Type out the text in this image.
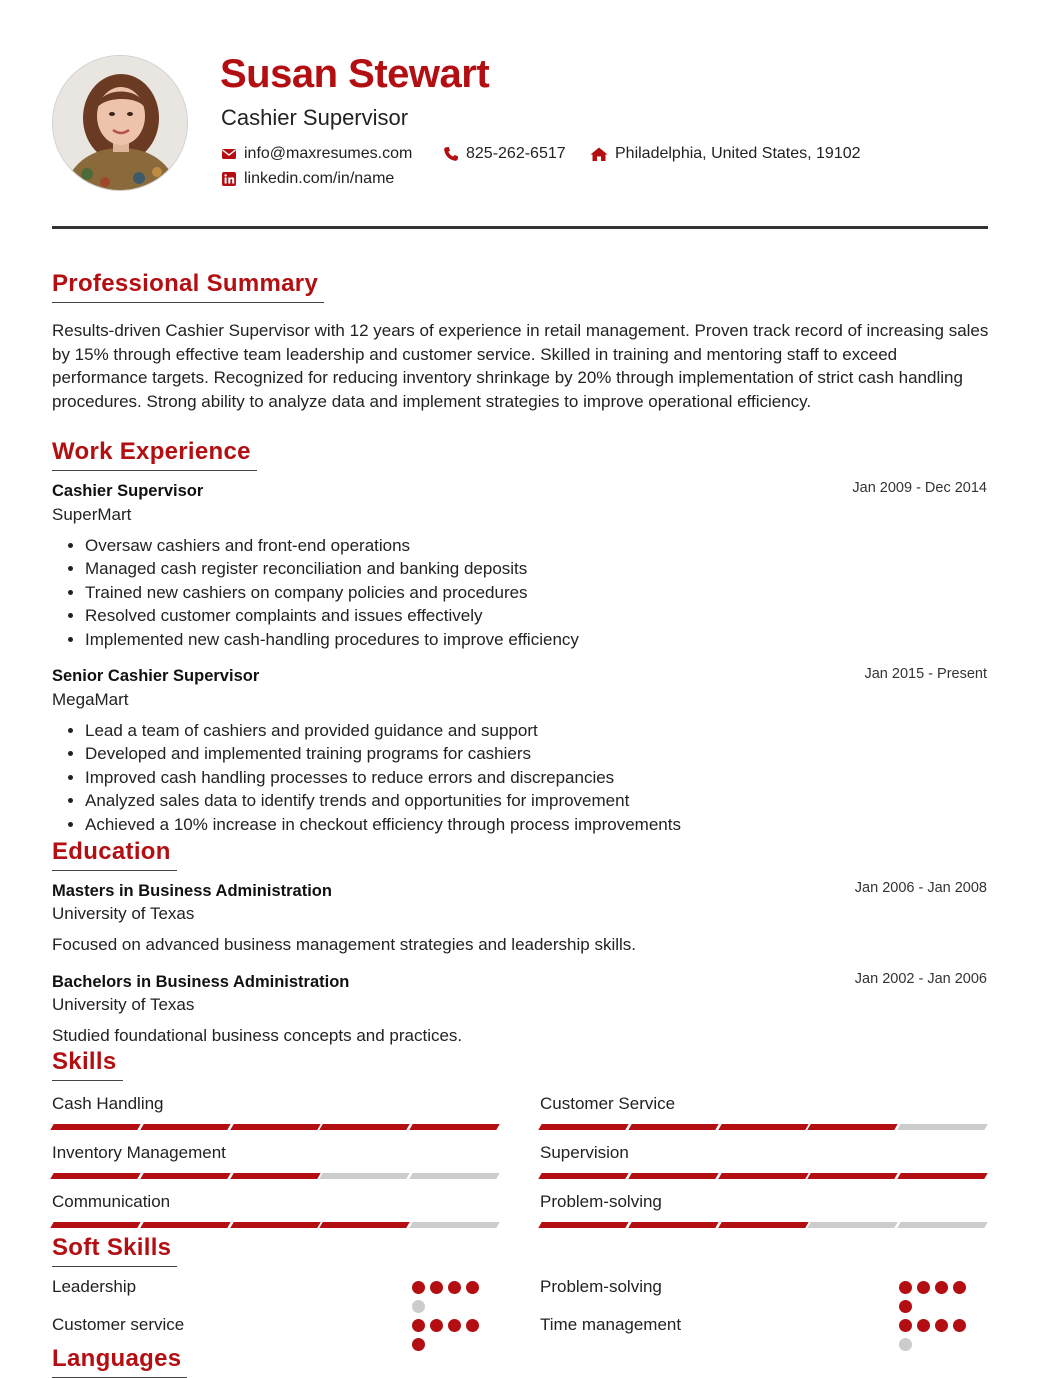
Susan Stewart
Cashier Supervisor
info@maxresumes.com	825-262-6517	Philadelphia, United States, 19102
linkedin.com/in/name
Professional Summary
Results-driven Cashier Supervisor with 12 years of experience in retail management. Proven track record of increasing sales by 15% through effective team leadership and customer service. Skilled in training and mentoring staff to exceed performance targets. Recognized for reducing inventory shrinkage by 20% through implementation of strict cash handling procedures. Strong ability to analyze data and implement strategies to improve operational efficiency.
Work Experience
Cashier Supervisor	Jan 2009 - Dec 2014
SuperMart
• Oversaw cashiers and front-end operations
• Managed cash register reconciliation and banking deposits
• Trained new cashiers on company policies and procedures
• Resolved customer complaints and issues effectively
• Implemented new cash-handling procedures to improve efficiency
Senior Cashier Supervisor	Jan 2015 - Present
MegaMart
• Lead a team of cashiers and provided guidance and support
• Developed and implemented training programs for cashiers
• Improved cash handling processes to reduce errors and discrepancies
• Analyzed sales data to identify trends and opportunities for improvement
• Achieved a 10% increase in checkout efficiency through process improvements
Education
Masters in Business Administration	Jan 2006 - Jan 2008
University of Texas
Focused on advanced business management strategies and leadership skills.
Bachelors in Business Administration	Jan 2002 - Jan 2006
University of Texas
Studied foundational business concepts and practices.
Skills
Cash Handling	Customer Service
Inventory Management	Supervision
Communication	Problem-solving
Soft Skills
Leadership	Problem-solving
Customer service	Time management
Languages
